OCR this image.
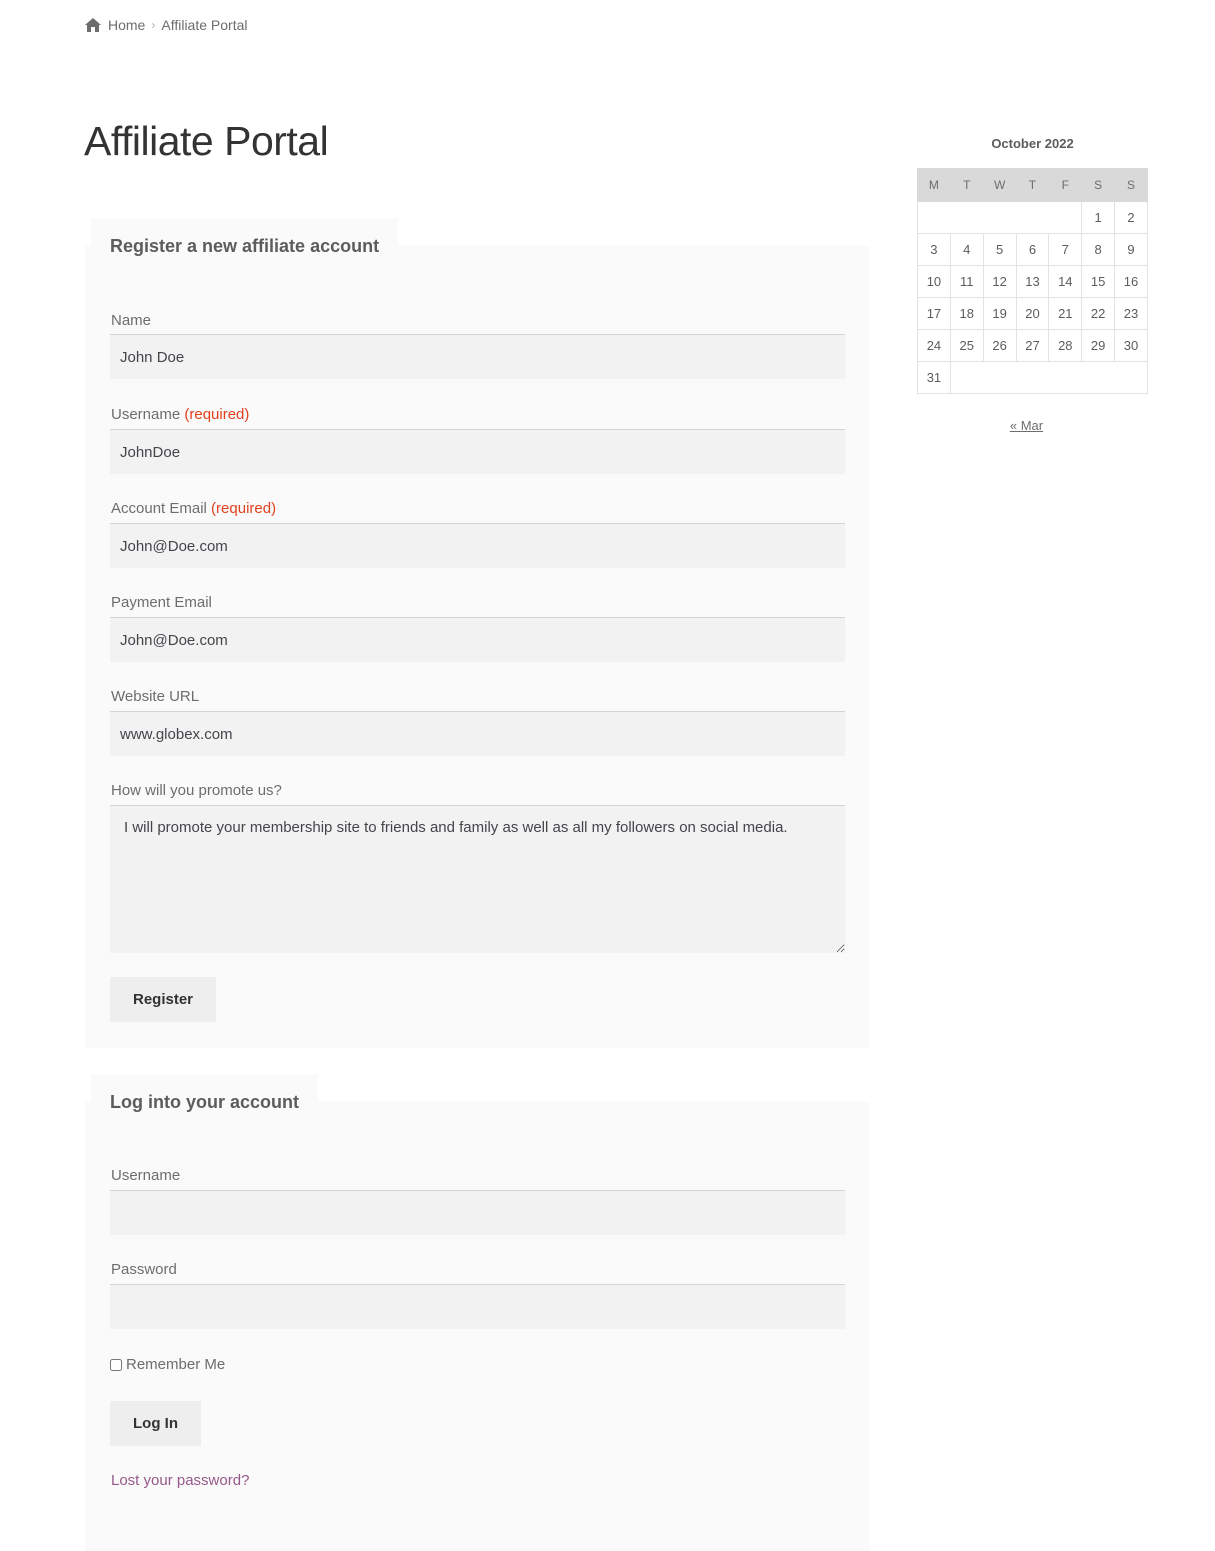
Home › Affiliate Portal
Affiliate Portal
Register a new affiliate account
Name
John Doe
Username (required)
JohnDoe
Account Email (required)
John@Doe.com
Payment Email
John@Doe.com
Website URL
www.globex.com
How will you promote us?
I will promote your membership site to friends and family as well as all my followers on social media.
Register
Log into your account
Username
Password
Remember Me
Log In
Lost your password?
October 2022
M	T	W	T	F	S	S
					1	2
3	4	5	6	7	8	9
10	11	12	13	14	15	16
17	18	19	20	21	22	23
24	25	26	27	28	29	30
31						
« Mar
